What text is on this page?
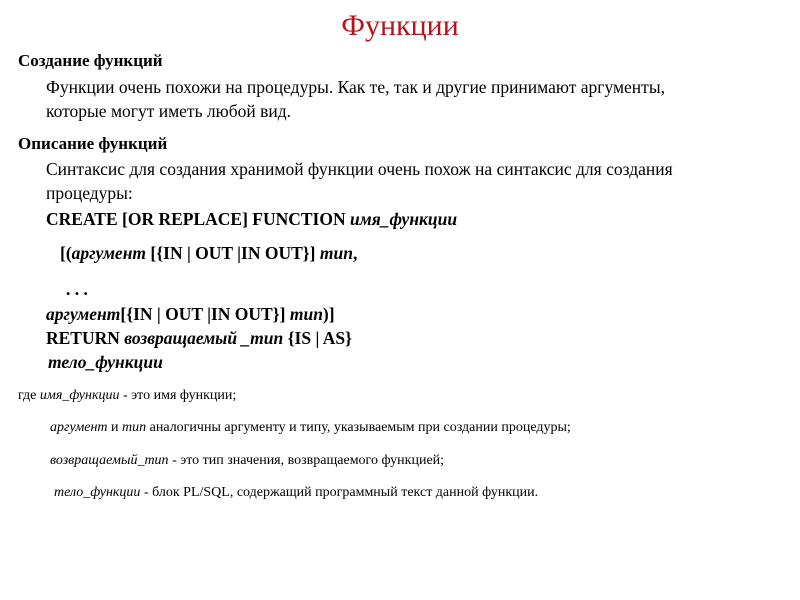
Функции
Создание функций
Функции очень похожи на процедуры. Как те, так и другие принимают аргументы,
которые могут иметь любой вид.
Описание функций
Синтаксис для создания хранимой функции очень похож на синтаксис для создания
процедуры:
CREATE [OR REPLACE] FUNCTION имя_функции
[(аргумент [{IN | OUT |IN OUT}] тип,
. . .
аргумент[{IN | OUT |IN OUT}] тип)]
RETURN возвращаемый _тип {IS | AS}
тело_функции
где имя_функции - это имя функции;
аргумент и тип аналогичны аргументу и типу, указываемым при создании процедуры;
возвращаемый_тип - это тип значения, возвращаемого функцией;
тело_функции - блок PL/SQL, содержащий программный текст данной функции.
